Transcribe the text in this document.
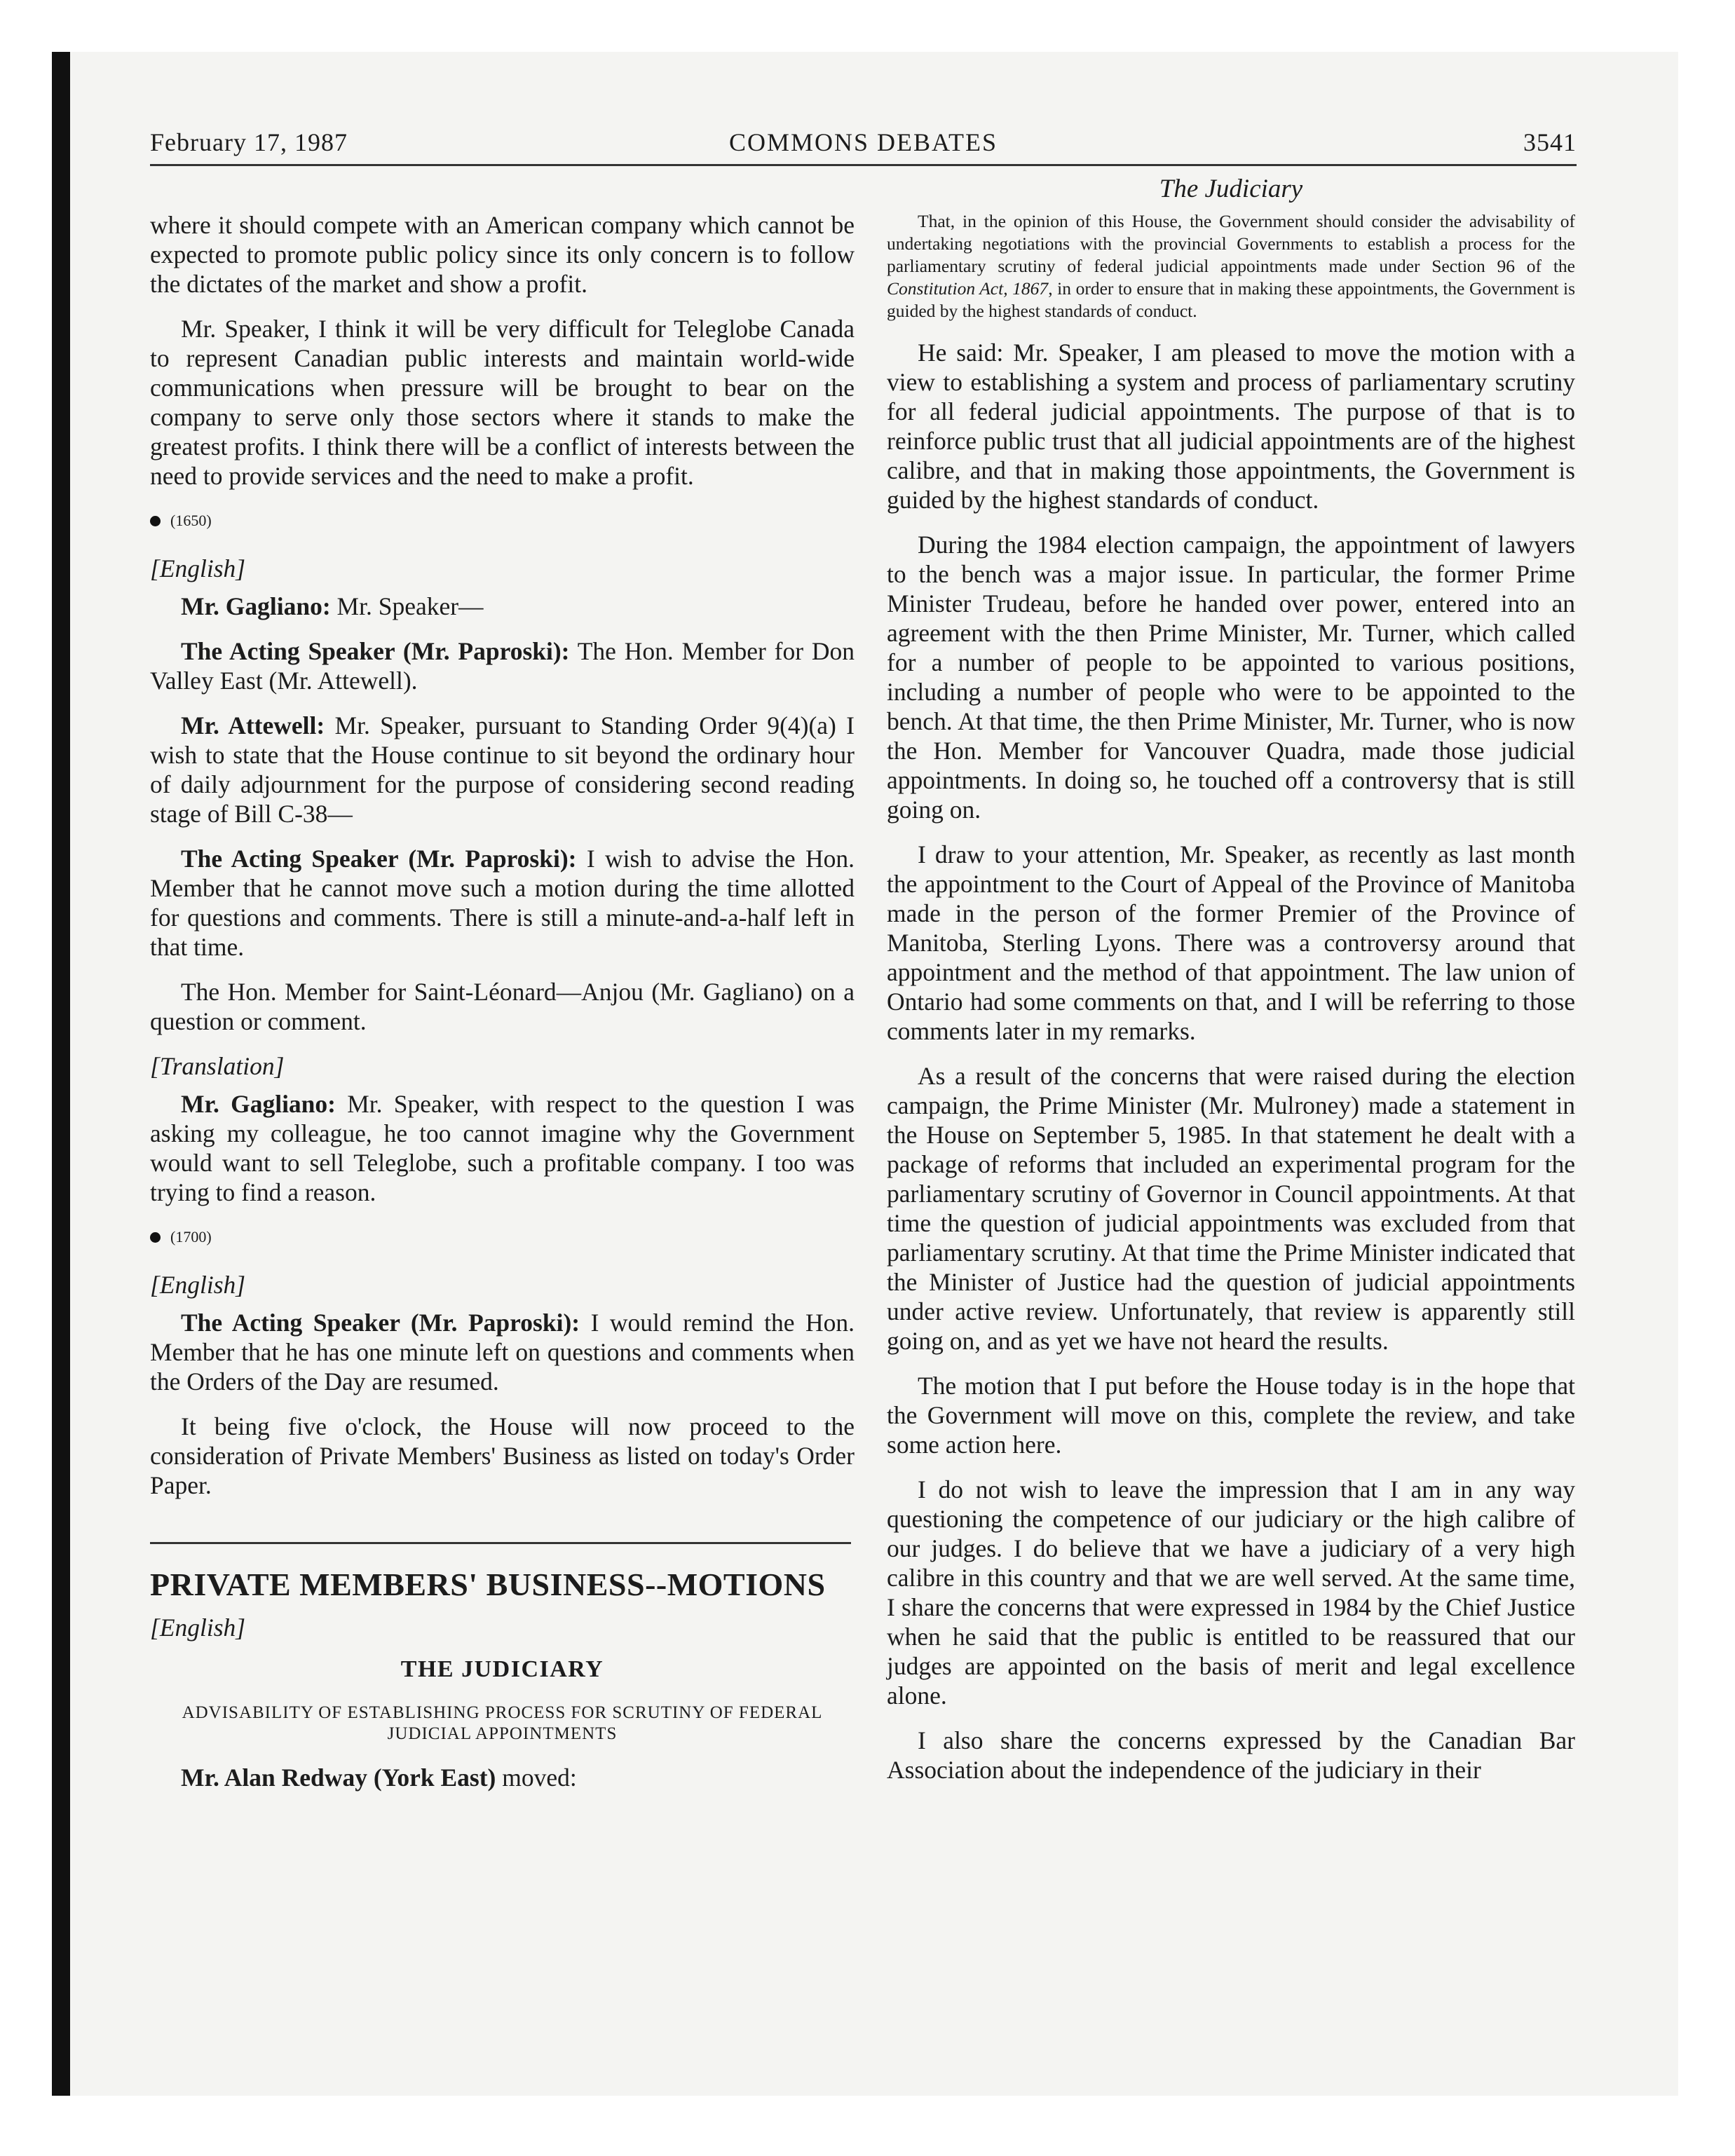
February 17, 1987	COMMONS DEBATES	3541
The Judiciary

where it should compete with an American company which cannot be expected to promote public policy since its only concern is to follow the dictates of the market and show a profit.

Mr. Speaker, I think it will be very difficult for Teleglobe Canada to represent Canadian public interests and maintain world-wide communications when pressure will be brought to bear on the company to serve only those sectors where it stands to make the greatest profits. I think there will be a conflict of interests between the need to provide services and the need to make a profit.

(1650)
[English]

Mr. Gagliano: Mr. Speaker—

The Acting Speaker (Mr. Paproski): The Hon. Member for Don Valley East (Mr. Attewell).

Mr. Attewell: Mr. Speaker, pursuant to Standing Order 9(4)(a) I wish to state that the House continue to sit beyond the ordinary hour of daily adjournment for the purpose of considering second reading stage of Bill C-38—

The Acting Speaker (Mr. Paproski): I wish to advise the Hon. Member that he cannot move such a motion during the time allotted for questions and comments. There is still a minute-and-a-half left in that time.

The Hon. Member for Saint-Léonard—Anjou (Mr. Gagliano) on a question or comment.

[Translation]

Mr. Gagliano: Mr. Speaker, with respect to the question I was asking my colleague, he too cannot imagine why the Government would want to sell Teleglobe, such a profitable company. I too was trying to find a reason.

(1700)
[English]

The Acting Speaker (Mr. Paproski): I would remind the Hon. Member that he has one minute left on questions and comments when the Orders of the Day are resumed.

It being five o'clock, the House will now proceed to the consideration of Private Members' Business as listed on today's Order Paper.

PRIVATE MEMBERS' BUSINESS--MOTIONS
[English]
THE JUDICIARY
ADVISABILITY OF ESTABLISHING PROCESS FOR SCRUTINY OF FEDERAL JUDICIAL APPOINTMENTS

Mr. Alan Redway (York East) moved:

That, in the opinion of this House, the Government should consider the advisability of undertaking negotiations with the provincial Governments to establish a process for the parliamentary scrutiny of federal judicial appointments made under Section 96 of the Constitution Act, 1867, in order to ensure that in making these appointments, the Government is guided by the highest standards of conduct.

He said: Mr. Speaker, I am pleased to move the motion with a view to establishing a system and process of parliamentary scrutiny for all federal judicial appointments. The purpose of that is to reinforce public trust that all judicial appointments are of the highest calibre, and that in making those appointments, the Government is guided by the highest standards of conduct.

During the 1984 election campaign, the appointment of lawyers to the bench was a major issue. In particular, the former Prime Minister Trudeau, before he handed over power, entered into an agreement with the then Prime Minister, Mr. Turner, which called for a number of people to be appointed to various positions, including a number of people who were to be appointed to the bench. At that time, the then Prime Minister, Mr. Turner, who is now the Hon. Member for Vancouver Quadra, made those judicial appointments. In doing so, he touched off a controversy that is still going on.

I draw to your attention, Mr. Speaker, as recently as last month the appointment to the Court of Appeal of the Province of Manitoba made in the person of the former Premier of the Province of Manitoba, Sterling Lyons. There was a controversy around that appointment and the method of that appointment. The law union of Ontario had some comments on that, and I will be referring to those comments later in my remarks.

As a result of the concerns that were raised during the election campaign, the Prime Minister (Mr. Mulroney) made a statement in the House on September 5, 1985. In that statement he dealt with a package of reforms that included an experimental program for the parliamentary scrutiny of Governor in Council appointments. At that time the question of judicial appointments was excluded from that parliamentary scrutiny. At that time the Prime Minister indicated that the Minister of Justice had the question of judicial appointments under active review. Unfortunately, that review is apparently still going on, and as yet we have not heard the results.

The motion that I put before the House today is in the hope that the Government will move on this, complete the review, and take some action here.

I do not wish to leave the impression that I am in any way questioning the competence of our judiciary or the high calibre of our judges. I do believe that we have a judiciary of a very high calibre in this country and that we are well served. At the same time, I share the concerns that were expressed in 1984 by the Chief Justice when he said that the public is entitled to be reassured that our judges are appointed on the basis of merit and legal excellence alone.

I also share the concerns expressed by the Canadian Bar Association about the independence of the judiciary in their
